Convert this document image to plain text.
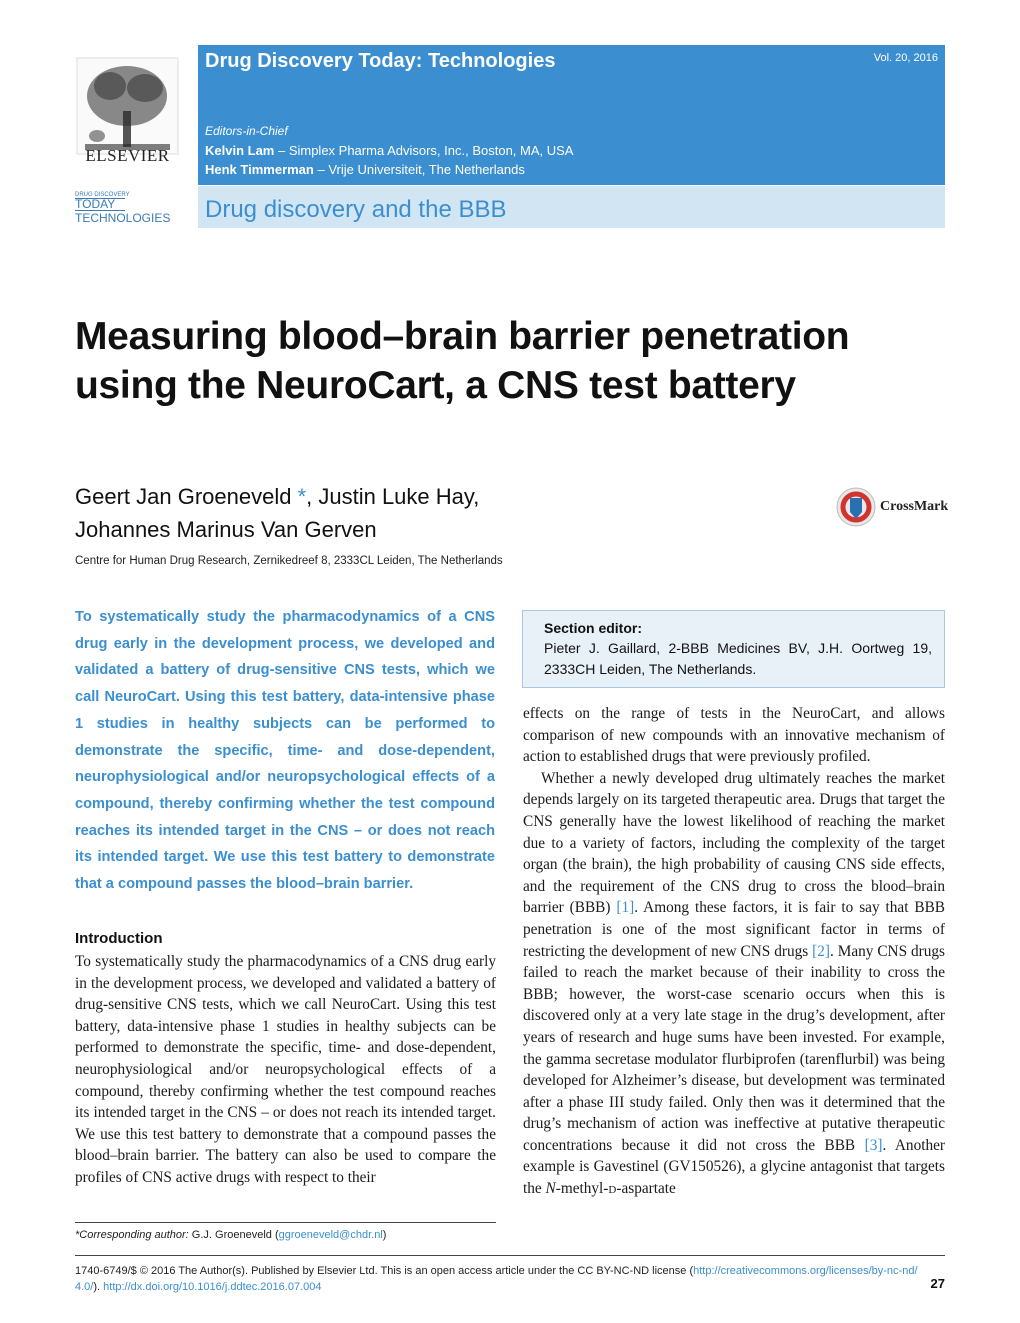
ELSEVIER
DRUG DISCOVERY
TODAY
TECHNOLOGIES
Drug Discovery Today: Technologies	Vol. 20, 2016
Editors-in-Chief
Kelvin Lam – Simplex Pharma Advisors, Inc., Boston, MA, USA
Henk Timmerman – Vrije Universiteit, The Netherlands
Drug discovery and the BBB
Measuring blood–brain barrier penetration using the NeuroCart, a CNS test battery
Geert Jan Groeneveld *, Justin Luke Hay,
Johannes Marinus Van Gerven
Centre for Human Drug Research, Zernikedreef 8, 2333CL Leiden, The Netherlands
CrossMark
To systematically study the pharmacodynamics of a CNS drug early in the development process, we developed and validated a battery of drug-sensitive CNS tests, which we call NeuroCart. Using this test battery, data-intensive phase 1 studies in healthy subjects can be performed to demonstrate the specific, time- and dose-dependent, neurophysiological and/or neuropsychological effects of a compound, thereby confirming whether the test compound reaches its intended target in the CNS – or does not reach its intended target. We use this test battery to demonstrate that a compound passes the blood–brain barrier.
Section editor:
Pieter J. Gaillard, 2-BBB Medicines BV, J.H. Oortweg 19, 2333CH Leiden, The Netherlands.
Introduction

To systematically study the pharmacodynamics of a CNS drug early in the development process, we developed and validated a battery of drug-sensitive CNS tests, which we call NeuroCart. Using this test battery, data-intensive phase 1 studies in healthy subjects can be performed to demonstrate the specific, time- and dose-dependent, neurophysiological and/or neuropsychological effects of a compound, thereby confirming whether the test compound reaches its intended target in the CNS – or does not reach its intended target. We use this test battery to demonstrate that a compound passes the blood–brain barrier. The battery can also be used to compare the profiles of CNS active drugs with respect to their

effects on the range of tests in the NeuroCart, and allows comparison of new compounds with an innovative mechanism of action to established drugs that were previously profiled.

Whether a newly developed drug ultimately reaches the market depends largely on its targeted therapeutic area. Drugs that target the CNS generally have the lowest likelihood of reaching the market due to a variety of factors, including the complexity of the target organ (the brain), the high probability of causing CNS side effects, and the requirement of the CNS drug to cross the blood–brain barrier (BBB) [1]. Among these factors, it is fair to say that BBB penetration is one of the most significant factor in terms of restricting the development of new CNS drugs [2]. Many CNS drugs failed to reach the market because of their inability to cross the BBB; however, the worst-case scenario occurs when this is discovered only at a very late stage in the drug’s development, after years of research and huge sums have been invested. For example, the gamma secretase modulator flurbiprofen (tarenflurbil) was being developed for Alzheimer’s disease, but development was terminated after a phase III study failed. Only then was it determined that the drug’s mechanism of action was ineffective at putative therapeutic concentrations because it did not cross the BBB [3]. Another example is Gavestinel (GV150526), a glycine antagonist that targets the N-methyl-d-aspartate

*Corresponding author: G.J. Groeneveld (ggroeneveld@chdr.nl)
1740-6749/$ © 2016 The Author(s). Published by Elsevier Ltd. This is an open access article under the CC BY-NC-ND license (http://creativecommons.org/licenses/by-nc-nd/
4.0/). http://dx.doi.org/10.1016/j.ddtec.2016.07.004	27
